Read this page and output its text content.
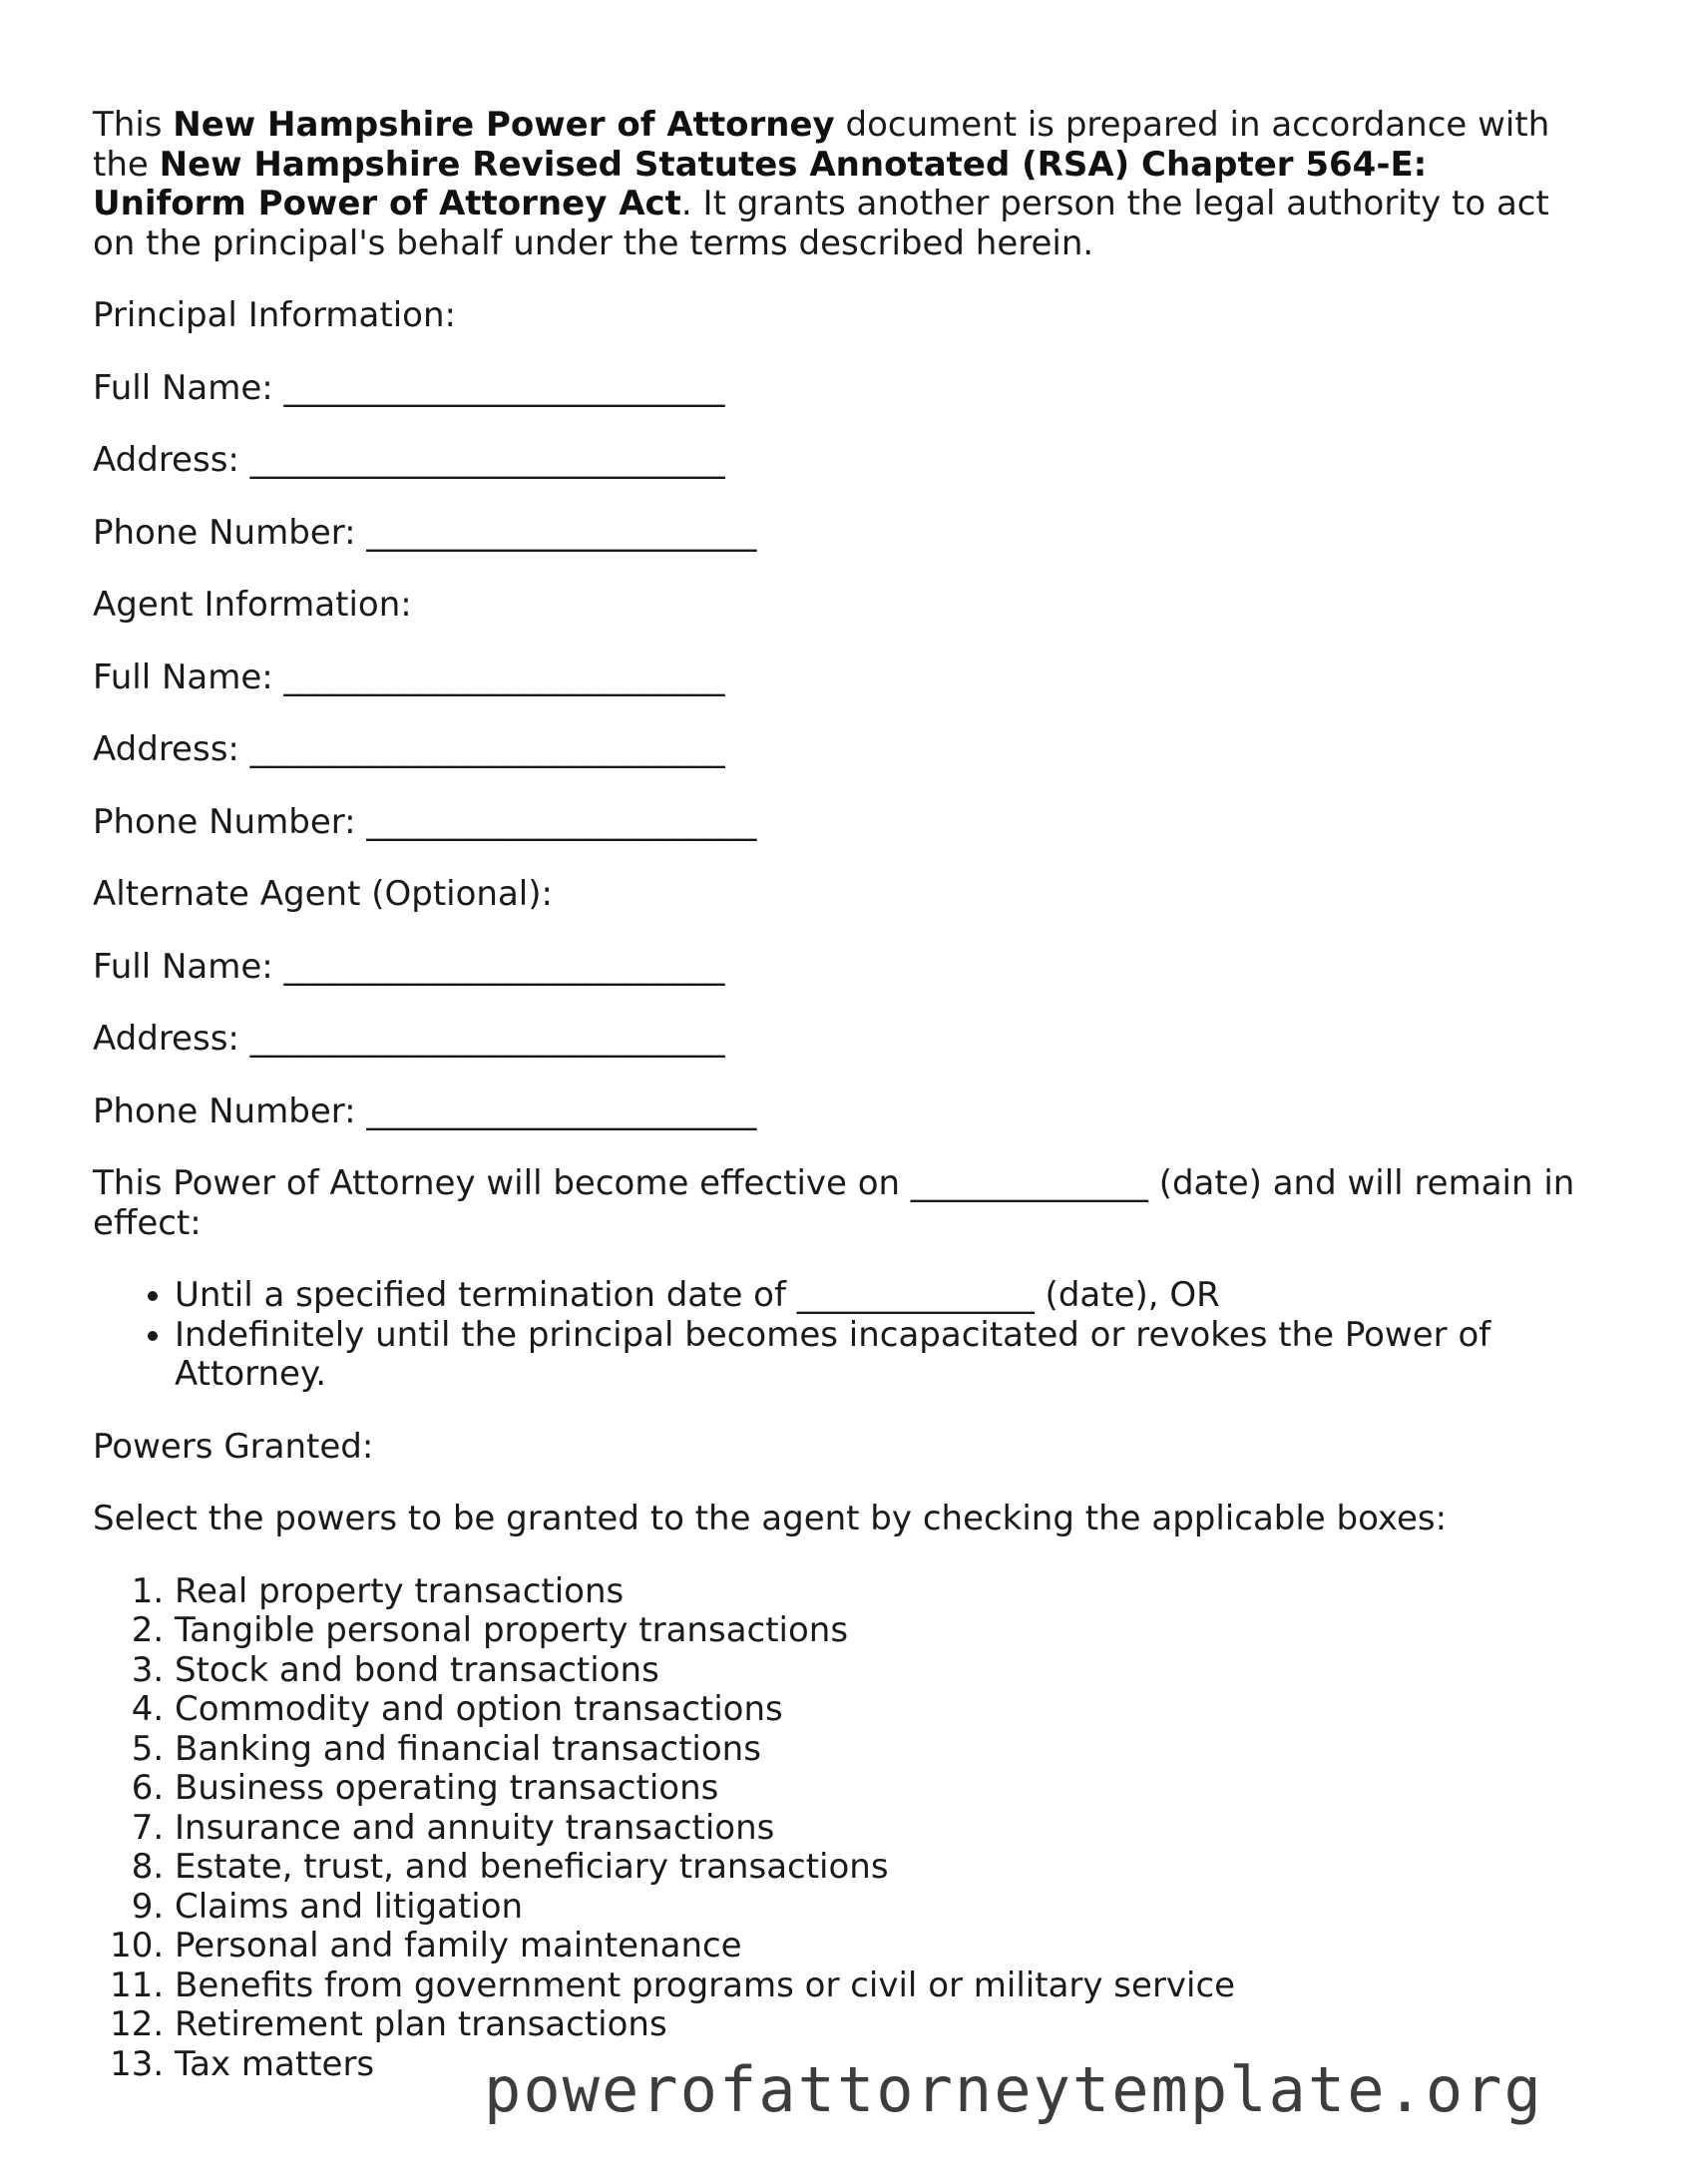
This New Hampshire Power of Attorney document is prepared in accordance with the New Hampshire Revised Statutes Annotated (RSA) Chapter 564-E: Uniform Power of Attorney Act. It grants another person the legal authority to act on the principal's behalf under the terms described herein.

Principal Information:
Full Name: __________________________
Address: ____________________________
Phone Number: _______________________
Agent Information:
Full Name: __________________________
Address: ____________________________
Phone Number: _______________________
Alternate Agent (Optional):
Full Name: __________________________
Address: ____________________________
Phone Number: _______________________

This Power of Attorney will become effective on ______________ (date) and will remain in effect:

• Until a specified termination date of ______________ (date), OR
• Indefinitely until the principal becomes incapacitated or revokes the Power of Attorney.
Powers Granted:
Select the powers to be granted to the agent by checking the applicable boxes:
1. Real property transactions
2. Tangible personal property transactions
3. Stock and bond transactions
4. Commodity and option transactions
5. Banking and financial transactions
6. Business operating transactions
7. Insurance and annuity transactions
8. Estate, trust, and beneficiary transactions
9. Claims and litigation
10. Personal and family maintenance
11. Benefits from government programs or civil or military service
12. Retirement plan transactions
13. Tax matters	powerofattorneytemplate.org
